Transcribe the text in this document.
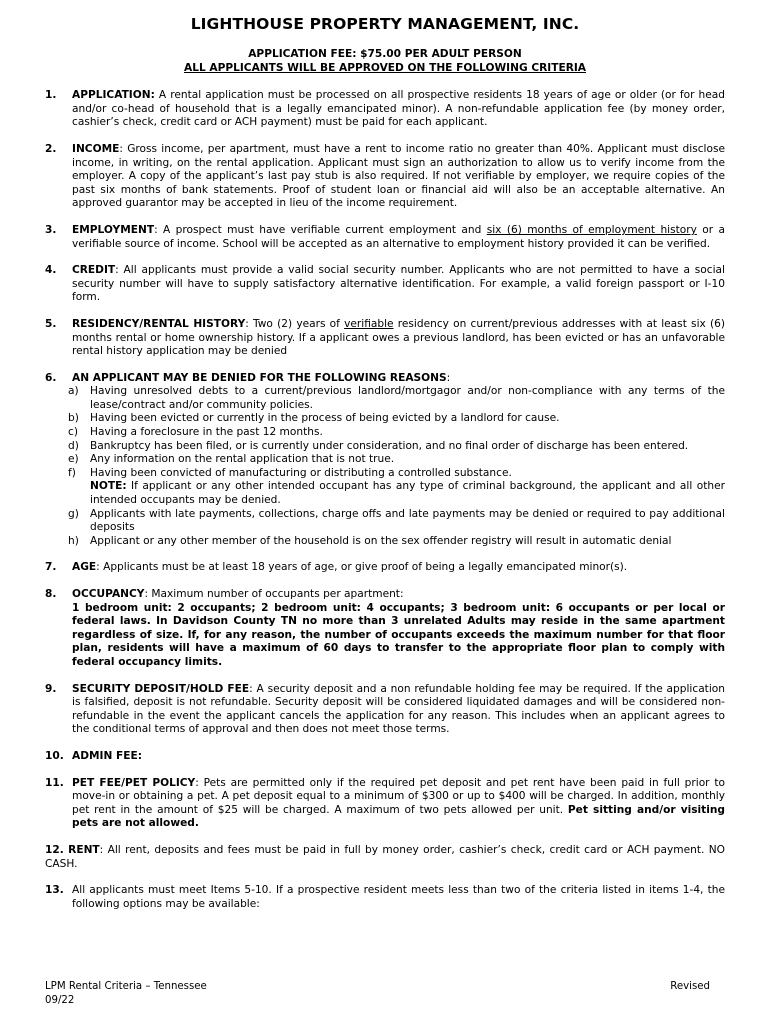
LIGHTHOUSE PROPERTY MANAGEMENT, INC.
APPLICATION FEE: $75.00 PER ADULT PERSON
ALL APPLICANTS WILL BE APPROVED ON THE FOLLOWING CRITERIA
1. APPLICATION: A rental application must be processed on all prospective residents 18 years of age or older (or for head and/or co-head of household that is a legally emancipated minor). A non-refundable application fee (by money order, cashier’s check, credit card or ACH payment) must be paid for each applicant.
2. INCOME: Gross income, per apartment, must have a rent to income ratio no greater than 40%. Applicant must disclose income, in writing, on the rental application. Applicant must sign an authorization to allow us to verify income from the employer. A copy of the applicant’s last pay stub is also required. If not verifiable by employer, we require copies of the past six months of bank statements. Proof of student loan or financial aid will also be an acceptable alternative. An approved guarantor may be accepted in lieu of the income requirement.
3. EMPLOYMENT: A prospect must have verifiable current employment and six (6) months of employment history or a verifiable source of income. School will be accepted as an alternative to employment history provided it can be verified.
4. CREDIT: All applicants must provide a valid social security number. Applicants who are not permitted to have a social security number will have to supply satisfactory alternative identification. For example, a valid foreign passport or I-10 form.
5. RESIDENCY/RENTAL HISTORY: Two (2) years of verifiable residency on current/previous addresses with at least six (6) months rental or home ownership history. If a applicant owes a previous landlord, has been evicted or has an unfavorable rental history application may be denied
6. AN APPLICANT MAY BE DENIED FOR THE FOLLOWING REASONS:
a) Having unresolved debts to a current/previous landlord/mortgagor and/or non-compliance with any terms of the lease/contract and/or community policies.
b) Having been evicted or currently in the process of being evicted by a landlord for cause.
c) Having a foreclosure in the past 12 months.
d) Bankruptcy has been filed, or is currently under consideration, and no final order of discharge has been entered.
e) Any information on the rental application that is not true.
f) Having been convicted of manufacturing or distributing a controlled substance.
NOTE: If applicant or any other intended occupant has any type of criminal background, the applicant and all other intended occupants may be denied.
g) Applicants with late payments, collections, charge offs and late payments may be denied or required to pay additional deposits
h) Applicant or any other member of the household is on the sex offender registry will result in automatic denial
7. AGE: Applicants must be at least 18 years of age, or give proof of being a legally emancipated minor(s).
8. OCCUPANCY: Maximum number of occupants per apartment:
1 bedroom unit: 2 occupants; 2 bedroom unit: 4 occupants; 3 bedroom unit: 6 occupants or per local or federal laws. In Davidson County TN no more than 3 unrelated Adults may reside in the same apartment regardless of size. If, for any reason, the number of occupants exceeds the maximum number for that floor plan, residents will have a maximum of 60 days to transfer to the appropriate floor plan to comply with federal occupancy limits.
9. SECURITY DEPOSIT/HOLD FEE: A security deposit and a non refundable holding fee may be required. If the application is falsified, deposit is not refundable. Security deposit will be considered liquidated damages and will be considered non-refundable in the event the applicant cancels the application for any reason. This includes when an applicant agrees to the conditional terms of approval and then does not meet those terms.
10. ADMIN FEE:
11. PET FEE/PET POLICY: Pets are permitted only if the required pet deposit and pet rent have been paid in full prior to move-in or obtaining a pet. A pet deposit equal to a minimum of $300 or up to $400 will be charged. In addition, monthly pet rent in the amount of $25 will be charged. A maximum of two pets allowed per unit. Pet sitting and/or visiting pets are not allowed.
12. RENT: All rent, deposits and fees must be paid in full by money order, cashier’s check, credit card or ACH payment. NO CASH.
13. All applicants must meet Items 5-10. If a prospective resident meets less than two of the criteria listed in items 1-4, the following options may be available:
LPM Rental Criteria – Tennessee
09/22
Revised
